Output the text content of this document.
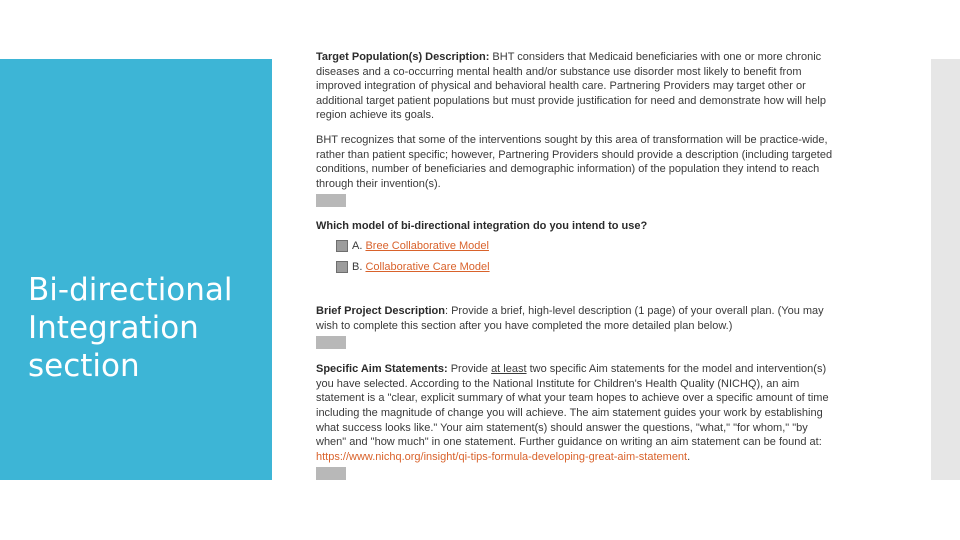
Bi-directional Integration section

Target Population(s) Description: BHT considers that Medicaid beneficiaries with one or more chronic diseases and a co-occurring mental health and/or substance use disorder most likely to benefit from improved integration of physical and behavioral health care. Partnering Providers may target other or additional target patient populations but must provide justification for need and demonstrate how will help region achieve its goals.

BHT recognizes that some of the interventions sought by this area of transformation will be practice-wide, rather than patient specific; however, Partnering Providers should provide a description (including targeted conditions, number of beneficiaries and demographic information) of the population they intend to reach through their invention(s).

Which model of bi-directional integration do you intend to use?

A.
Bree Collaborative Model
B.
Collaborative Care Model

Brief Project Description: Provide a brief, high-level description (1 page) of your overall plan. (You may wish to complete this section after you have completed the more detailed plan below.)

Specific Aim Statements: Provide at least two specific Aim statements for the model and intervention(s) you have selected. According to the National Institute for Children's Health Quality (NICHQ), an aim statement is a "clear, explicit summary of what your team hopes to achieve over a specific amount of time including the magnitude of change you will achieve. The aim statement guides your work by establishing what success looks like." Your aim statement(s) should answer the questions, "what," "for whom," "by when" and "how much" in one statement. Further guidance on writing an aim statement can be found at: https://www.nichq.org/insight/qi-tips-formula-developing-great-aim-statement.
